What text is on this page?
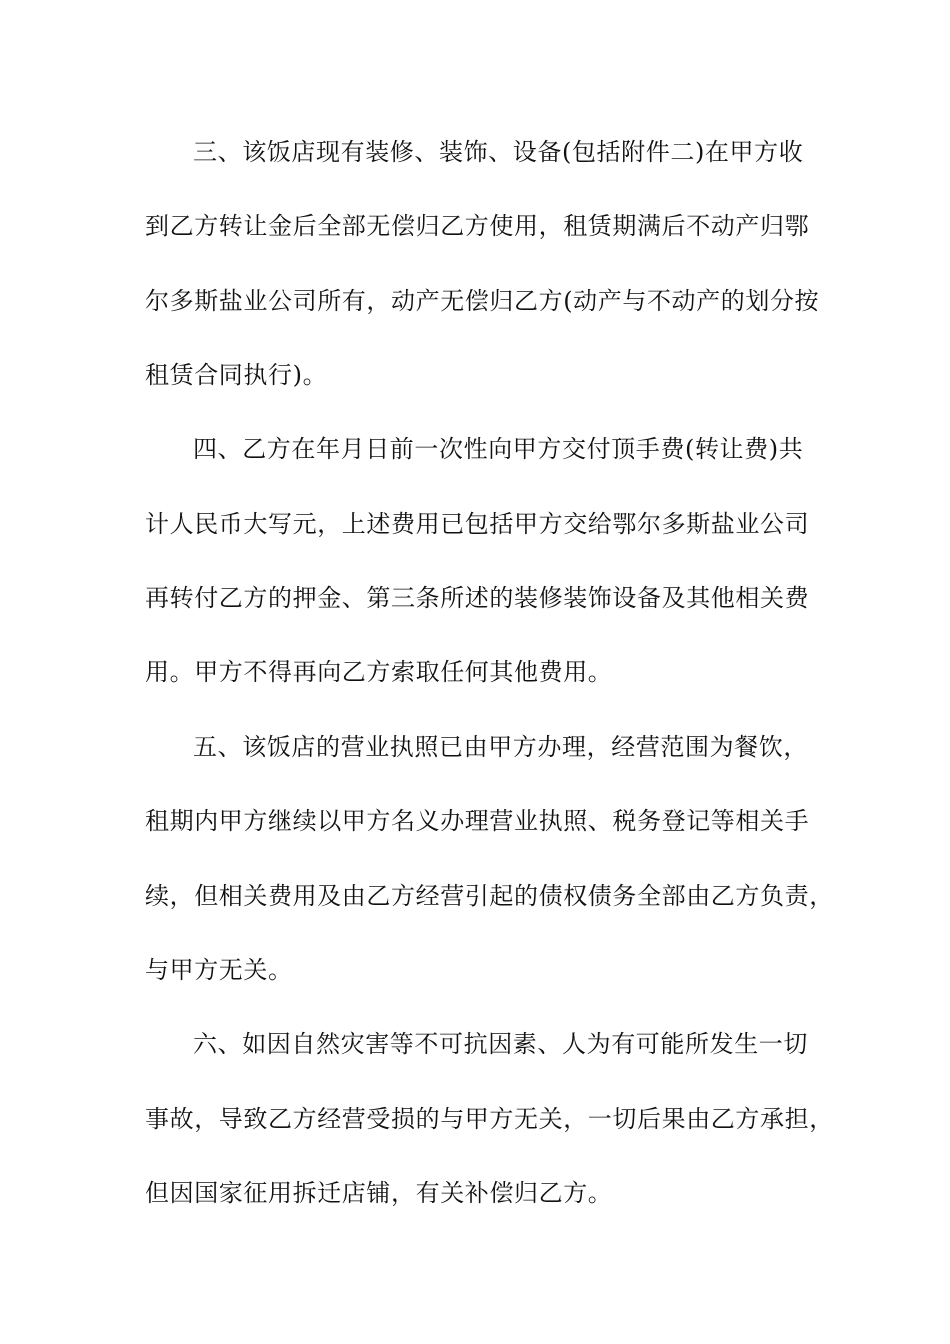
三、该饭店现有装修、装饰、设备(包括附件二)在甲方收
到乙方转让金后全部无偿归乙方使用，租赁期满后不动产归鄂
尔多斯盐业公司所有，动产无偿归乙方(动产与不动产的划分按
租赁合同执行)。
四、乙方在年月日前一次性向甲方交付顶手费(转让费)共
计人民币大写元，上述费用已包括甲方交给鄂尔多斯盐业公司
再转付乙方的押金、第三条所述的装修装饰设备及其他相关费
用。甲方不得再向乙方索取任何其他费用。
五、该饭店的营业执照已由甲方办理，经营范围为餐饮，
租期内甲方继续以甲方名义办理营业执照、税务登记等相关手
续，但相关费用及由乙方经营引起的债权债务全部由乙方负责，
与甲方无关。
六、如因自然灾害等不可抗因素、人为有可能所发生一切
事故，导致乙方经营受损的与甲方无关，一切后果由乙方承担，
但因国家征用拆迁店铺，有关补偿归乙方。
